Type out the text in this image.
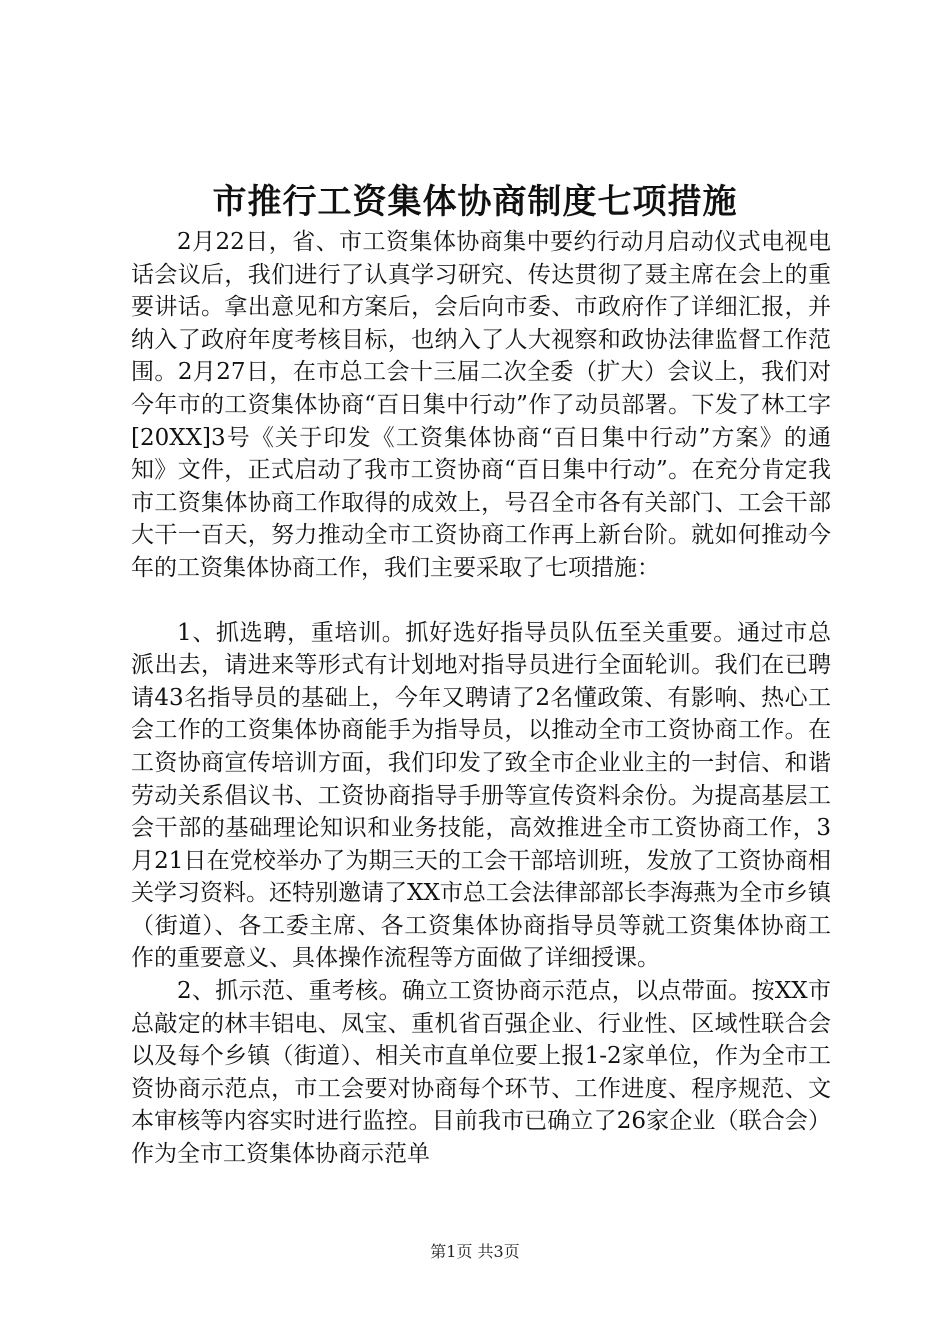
市推行工资集体协商制度七项措施

2月22日，省、市工资集体协商集中要约行动月启动仪式电视电话会议后，我们进行了认真学习研究、传达贯彻了聂主席在会上的重要讲话。拿出意见和方案后，会后向市委、市政府作了详细汇报，并纳入了政府年度考核目标，也纳入了人大视察和政协法律监督工作范围。2月27日，在市总工会十三届二次全委（扩大）会议上，我们对今年市的工资集体协商“百日集中行动”作了动员部署。下发了林工字[20XX]3号《关于印发《工资集体协商“百日集中行动”方案》的通知》文件，正式启动了我市工资协商“百日集中行动”。在充分肯定我市工资集体协商工作取得的成效上，号召全市各有关部门、工会干部大干一百天，努力推动全市工资协商工作再上新台阶。就如何推动今年的工资集体协商工作，我们主要采取了七项措施：

1、抓选聘，重培训。抓好选好指导员队伍至关重要。通过市总派出去，请进来等形式有计划地对指导员进行全面轮训。我们在已聘请43名指导员的基础上，今年又聘请了2名懂政策、有影响、热心工会工作的工资集体协商能手为指导员，以推动全市工资协商工作。在工资协商宣传培训方面，我们印发了致全市企业业主的一封信、和谐劳动关系倡议书、工资协商指导手册等宣传资料余份。为提高基层工会干部的基础理论知识和业务技能，高效推进全市工资协商工作，3月21日在党校举办了为期三天的工会干部培训班，发放了工资协商相关学习资料。还特别邀请了XX市总工会法律部部长李海燕为全市乡镇（街道）、各工委主席、各工资集体协商指导员等就工资集体协商工作的重要意义、具体操作流程等方面做了详细授课。

2、抓示范、重考核。确立工资协商示范点，以点带面。按XX市总敲定的林丰铝电、凤宝、重机省百强企业、行业性、区域性联合会以及每个乡镇（街道）、相关市直单位要上报1-2家单位，作为全市工资协商示范点，市工会要对协商每个环节、工作进度、程序规范、文本审核等内容实时进行监控。目前我市已确立了26家企业（联合会）作为全市工资集体协商示范单

第1页 共3页
